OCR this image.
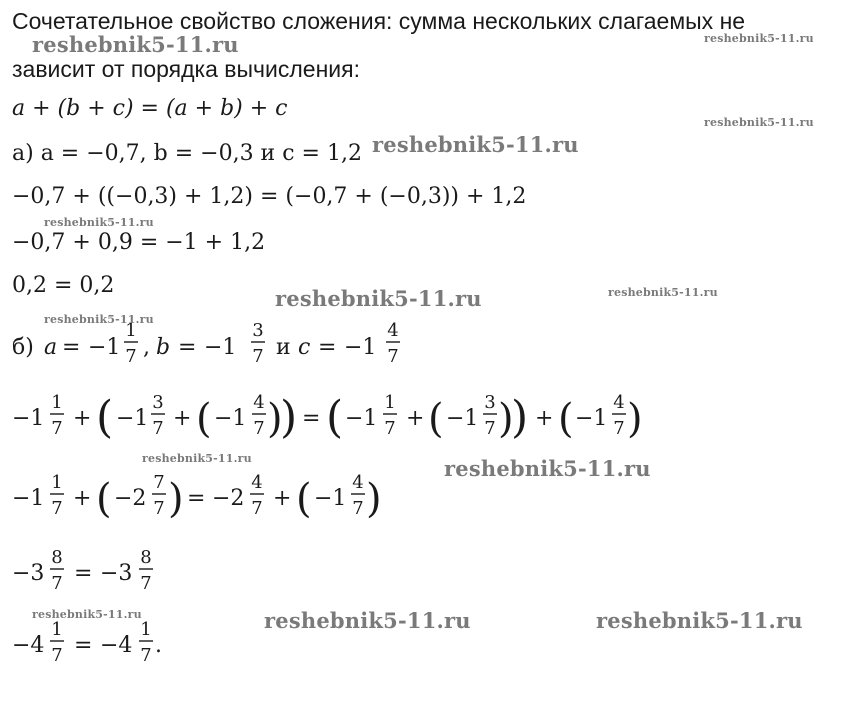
Сочетательное свойство сложения: сумма нескольких слагаемых не
зависит от порядка вычисления:
a + (b + c) = (a + b) + c
а) a = −0,7, b = −0,3 и c = 1,2
−0,7 + ((−0,3) + 1,2) = (−0,7 + (−0,3)) + 1,2
−0,7 + 0,9 = −1 + 1,2
0,2 = 0,2
б) a = −1
1
7 , b = −1
3
7 и c = −1
4
7
−1
1
7 + ( −1
3
7 + ( −1
4
7 )
) = ( −1
1
7 + ( −1
3
7 )
) + ( −1
4
7 )
−1
1
7 + ( −2
7
7 ) = −2
4
7 + ( −1
4
7 )
−3
8
7 = −3
8
7
−4
1
7 = −4
1
7 .
reshebnik5-11.ru	reshebnik5-11.ru
reshebnik5-11.ru
reshebnik5-11.ru
reshebnik5-11.ru
reshebnik5-11.ru	reshebnik5-11.ru
reshebnik5-11.ru
reshebnik5-11.ru	reshebnik5-11.ru
reshebnik5-11.ru	reshebnik5-11.ru	reshebnik5-11.ru
